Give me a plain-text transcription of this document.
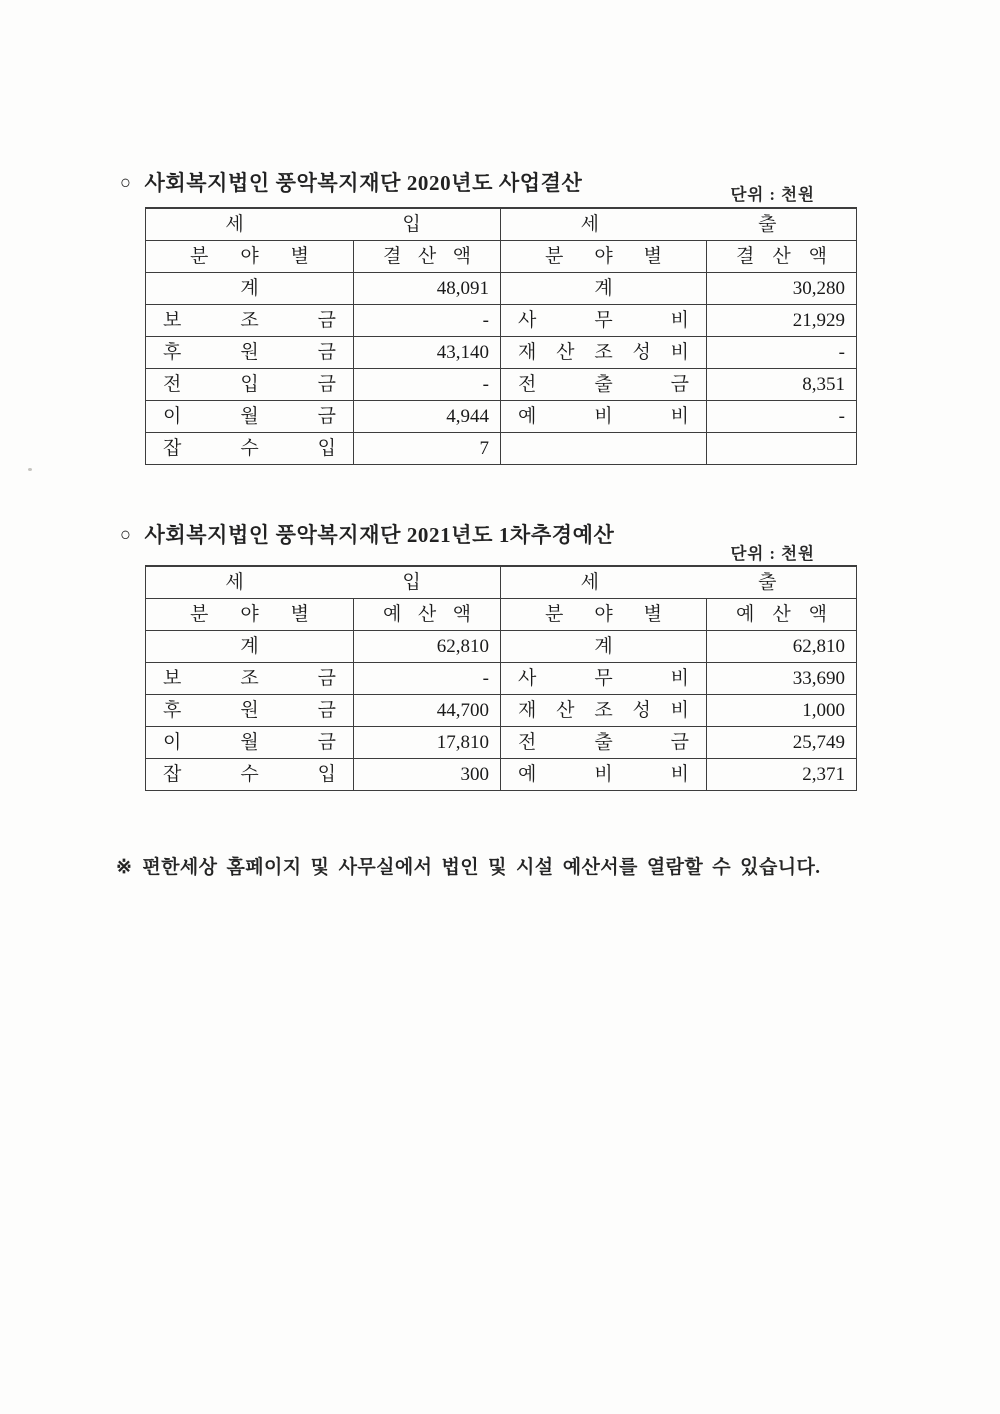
○ 사회복지법인 풍악복지재단 2020년도 사업결산	단위 : 천원
세 입		세 출	

분 야 별	결 산 액	분 야 별	결 산 액

계	48,091	계	30,280

보 조 금	-	사 무 비	21,929

후 원 금	43,140	재 산 조 성 비	-

전 입 금	-	전 출 금	8,351

이 월 금	4,944	예 비 비	-

잡 수 입	7		

○ 사회복지법인 풍악복지재단 2021년도 1차추경예산
단위 : 천원
세 입		세 출	

분 야 별	예 산 액	분 야 별	예 산 액

계	62,810	계	62,810

보 조 금	-	사 무 비	33,690

후 원 금	44,700	재 산 조 성 비	1,000

이 월 금	17,810	전 출 금	25,749

잡 수 입	300	예 비 비	2,371
※ 편한세상 홈페이지 및 사무실에서 법인 및 시설 예산서를 열람할 수 있습니다.
